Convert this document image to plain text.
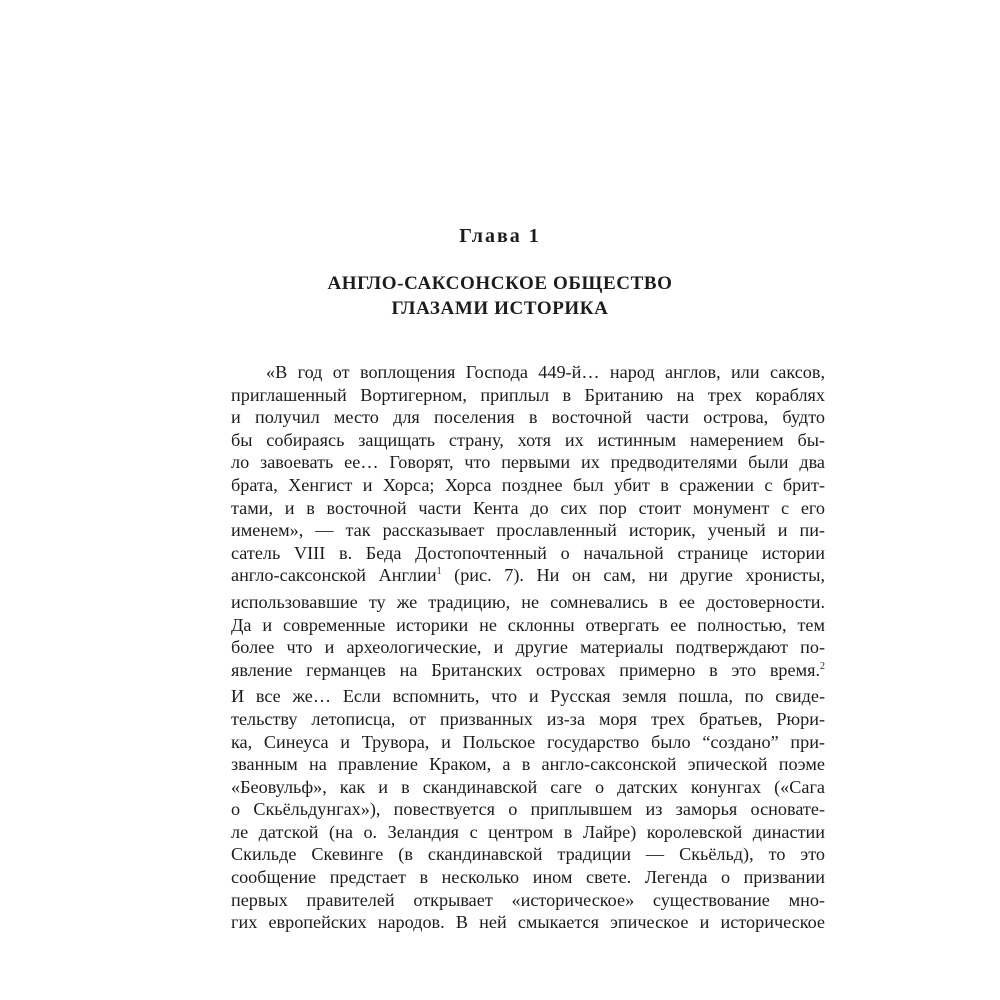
Глава 1
АНГЛО-САКСОНСКОЕ ОБЩЕСТВО
ГЛАЗАМИ ИСТОРИКА
«В год от воплощения Господа 449-й… народ англов, или саксов,
приглашенный Вортигерном, приплыл в Британию на трех кораблях
и получил место для поселения в восточной части острова, будто
бы собираясь защищать страну, хотя их истинным намерением бы-
ло завоевать ее… Говорят, что первыми их предводителями были два
брата, Хенгист и Хорса; Хорса позднее был убит в сражении с брит-
тами, и в восточной части Кента до сих пор стоит монумент с его
именем», — так рассказывает прославленный историк, ученый и пи-
сатель VIII в. Беда Достопочтенный о начальной странице истории
англо-саксонской Англии$^1$ (рис. 7). Ни он сам, ни другие хронисты,
использовавшие ту же традицию, не сомневались в ее достоверности.
Да и современные историки не склонны отвергать ее полностью, тем
более что и археологические, и другие материалы подтверждают по-
явление германцев на Британских островах примерно в это время.$^2$
И все же… Если вспомнить, что и Русская земля пошла, по свиде-
тельству летописца, от призванных из-за моря трех братьев, Рюри-
ка, Синеуса и Трувора, и Польское государство было “создано” при-
званным на правление Краком, а в англо-саксонской эпической поэме
«Беовульф», как и в скандинавской саге о датских конунгах («Сага
о Скьёльдунгах»), повествуется о приплывшем из заморья основате-
ле датской (на о. Зеландия с центром в Лайре) королевской династии
Скильде Скевинге (в скандинавской традиции — Скьёльд), то это
сообщение предстает в несколько ином свете. Легенда о призвании
первых правителей открывает «историческое» существование мно-
гих европейских народов. В ней смыкается эпическое и историческое
